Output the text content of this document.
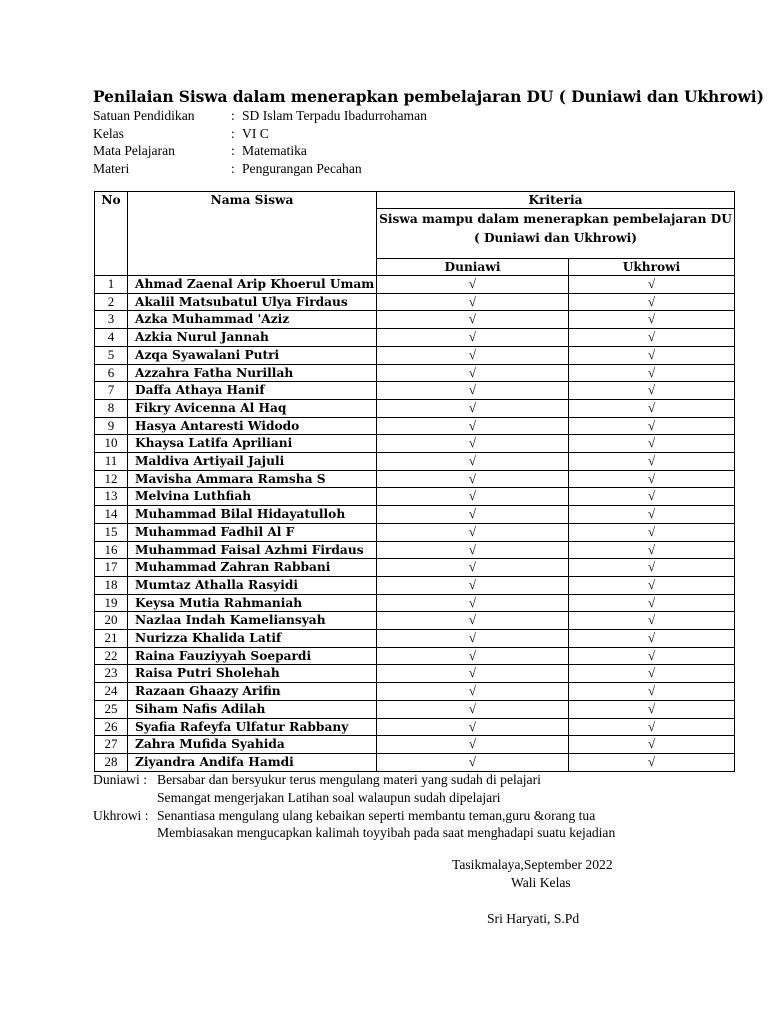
Penilaian Siswa dalam menerapkan pembelajaran DU ( Duniawi dan Ukhrowi)
Satuan Pendidikan	: SD Islam Terpadu Ibadurrohaman
Kelas	: VI C
Mata Pelajaran	: Matematika
Materi	: Pengurangan Pecahan
No	Nama Siswa	Kriteria	
		Siswa mampu dalam menerapkan pembelajaran DU ( Duniawi dan Ukhrowi)	
		Duniawi	Ukhrowi
1	Ahmad Zaenal Arip Khoerul Umam	√	√
2	Akalil Matsubatul Ulya Firdaus	√	√
3	Azka Muhammad 'Aziz	√	√
4	Azkia Nurul Jannah	√	√
5	Azqa Syawalani Putri	√	√
6	Azzahra Fatha Nurillah	√	√
7	Daffa Athaya Hanif	√	√
8	Fikry Avicenna Al Haq	√	√
9	Hasya Antaresti Widodo	√	√
10	Khaysa Latifa Apriliani	√	√
11	Maldiva Artiyail Jajuli	√	√
12	Mavisha Ammara Ramsha S	√	√
13	Melvina Luthfiah	√	√
14	Muhammad Bilal Hidayatulloh	√	√
15	Muhammad Fadhil Al F	√	√
16	Muhammad Faisal Azhmi Firdaus	√	√
17	Muhammad Zahran Rabbani	√	√
18	Mumtaz Athalla Rasyidi	√	√
19	Keysa Mutia Rahmaniah	√	√
20	Nazlaa Indah Kameliansyah	√	√
21	Nurizza Khalida Latif	√	√
22	Raina Fauziyyah Soepardi	√	√
23	Raisa Putri Sholehah	√	√
24	Razaan Ghaazy Arifin	√	√
25	Siham Nafis Adilah	√	√
26	Syafia Rafeyfa Ulfatur Rabbany	√	√
27	Zahra Mufida Syahida	√	√
28	Ziyandra Andifa Hamdi	√	√
Duniawi : Bersabar dan bersyukur terus mengulang materi yang sudah di pelajari
Semangat mengerjakan Latihan soal walaupun sudah dipelajari
Ukhrowi : Senantiasa mengulang ulang kebaikan seperti membantu teman,guru &orang tua
Membiasakan mengucapkan kalimah toyyibah pada saat menghadapi suatu kejadian
Tasikmalaya,September 2022
Wali Kelas
Sri Haryati, S.Pd
